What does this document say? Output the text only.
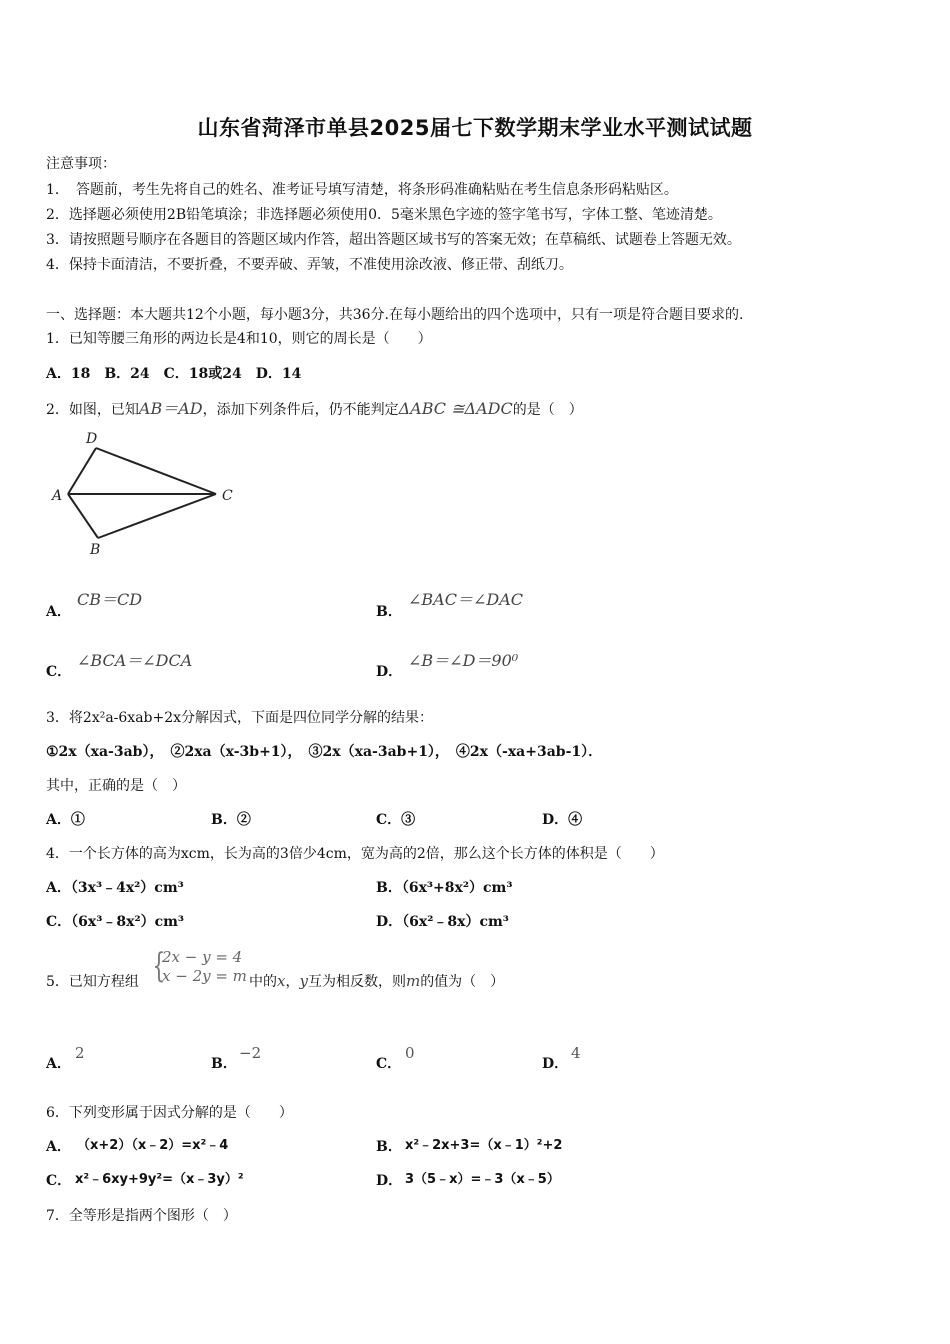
山东省菏泽市单县2025届七下数学期末学业水平测试试题
注意事项：
1．　答题前，考生先将自己的姓名、准考证号填写清楚，将条形码准确粘贴在考生信息条形码粘贴区。
2．选择题必须使用2B铅笔填涂；非选择题必须使用0．5毫米黑色字迹的签字笔书写，字体工整、笔迹清楚。
3．请按照题号顺序在各题目的答题区域内作答，超出答题区域书写的答案无效；在草稿纸、试题卷上答题无效。
4．保持卡面清洁，不要折叠，不要弄破、弄皱，不准使用涂改液、修正带、刮纸刀。
一、选择题：本大题共12个小题，每小题3分，共36分.在每小题给出的四个选项中，只有一项是符合题目要求的.
1．已知等腰三角形的两边长是4和10，则它的周长是（　　）
A．18　B．24　C．18或24　D．14
2．如图，已知AB＝AD，添加下列条件后，仍不能判定ΔABC ≅ΔADC的是（　）
D
A	C
B
A．
CB＝CD
B．
∠BAC＝∠DAC
C．
∠BCA＝∠DCA
D．
∠B＝∠D＝90⁰
3．将2x²a-6xab+2x分解因式，下面是四位同学分解的结果：
①2x（xa-3ab），　②2xa（x-3b+1），　③2x（xa-3ab+1），　④2x（-xa+3ab-1）．
其中，正确的是（　）
A．①	B．②	C．③	D．④
4．一个长方体的高为xcm，长为高的3倍少4cm，宽为高的2倍，那么这个长方体的体积是（　　）
A．（3x³﹣4x²）cm³	B．（6x³+8x²）cm³
C．（6x³﹣8x²）cm³	D．（6x²﹣8x）cm³
5．已知方程组 {
2x − y = 4
x − 2y = m 中的x，y互为相反数，则m的值为（　）
A．
2
B．
−2
C．
0
D．
4
6．下列变形属于因式分解的是（　　）
A． （x+2）（x﹣2）=x²﹣4	B． x²﹣2x+3=（x﹣1）²+2
C． x²﹣6xy+9y²=（x﹣3y）²	D． 3（5﹣x）=﹣3（x﹣5）
7．全等形是指两个图形（　）
